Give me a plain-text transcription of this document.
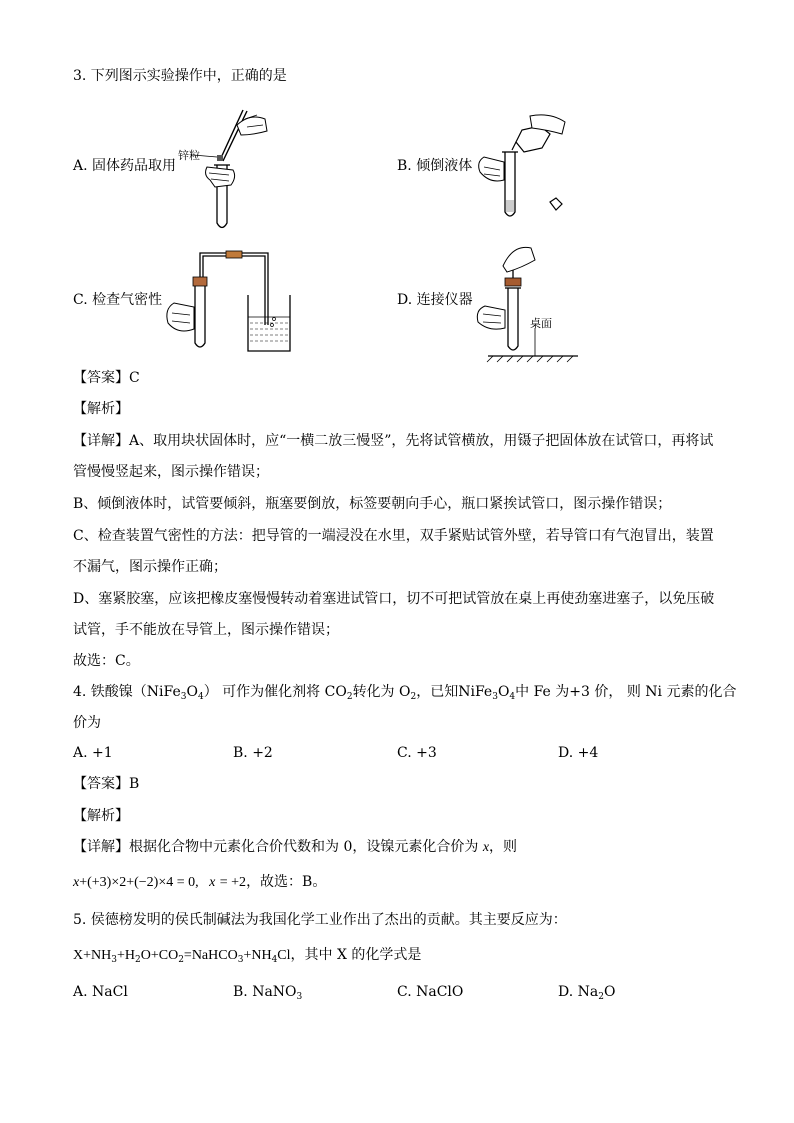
3. 下列图示实验操作中，正确的是
A. 固体药品取用	B. 倾倒液体
C. 检查气密性	D. 连接仪器
锌粒
桌面
【答案】C
【解析】
【详解】A、取用块状固体时，应“一横二放三慢竖”，先将试管横放，用镊子把固体放在试管口，再将试
管慢慢竖起来，图示操作错误；
B、倾倒液体时，试管要倾斜，瓶塞要倒放，标签要朝向手心，瓶口紧挨试管口，图示操作错误；
C、检查装置气密性的方法：把导管的一端浸没在水里，双手紧贴试管外壁，若导管口有气泡冒出，装置
不漏气，图示操作正确；
D、塞紧胶塞，应该把橡皮塞慢慢转动着塞进试管口，切不可把试管放在桌上再使劲塞进塞子，以免压破
试管，手不能放在导管上，图示操作错误；
故选：C。
4. 铁酸镍$(NiFe_3O_4)$ 可作为催化剂将 $CO_2$转化为 $O_2$，已知$NiFe_3O_4$中 Fe 为+3 价， 则 Ni 元素的化合
价为
A. +1	B. +2	C. +3	D. +4
【答案】B
【解析】
【详解】根据化合物中元素化合价代数和为 0，设镍元素化合价为 x，则
x+(+3)×2+(−2)×4 = 0, x = +2，故选：B。
5. 侯德榜发明的侯氏制碱法为我国化学工业作出了杰出的贡献。其主要反应为：
$X+NH_3+H_2O+CO_2=NaHCO_3+NH_4Cl$，其中 X 的化学式是
A. NaCl	B. NaNO$_3$	C. NaClO	D. $Na_2O$
